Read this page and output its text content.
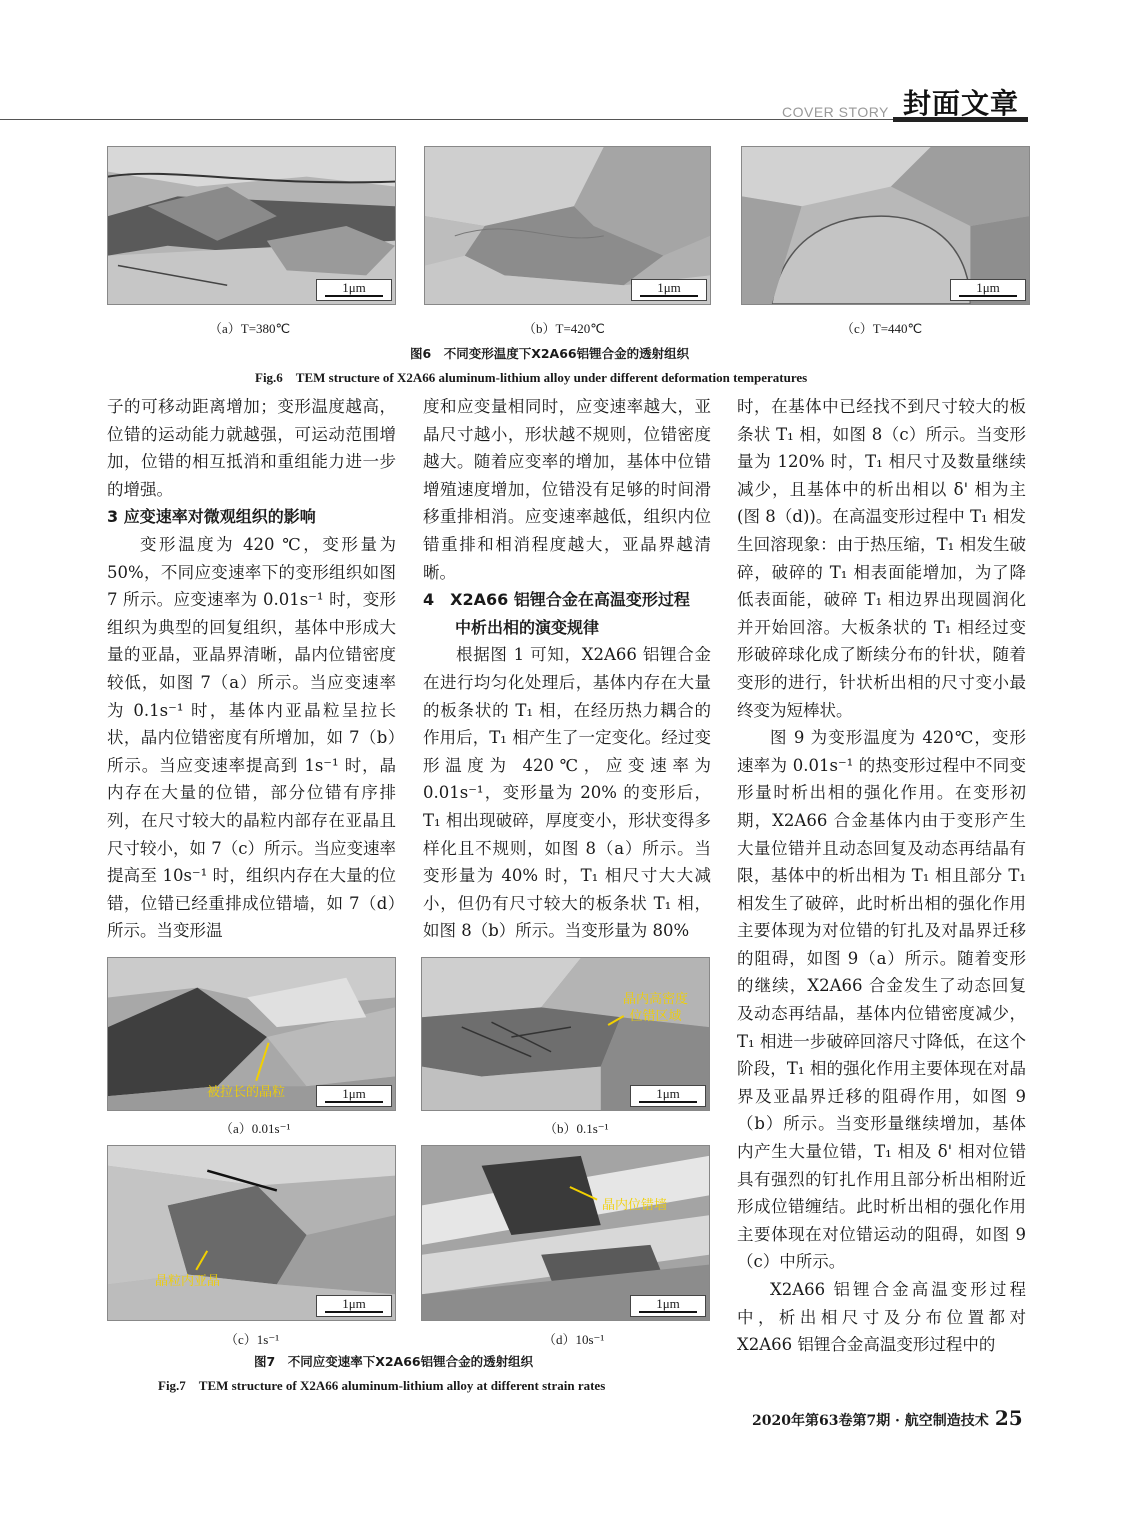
COVER STORY 封面文章
1μm	1μm	1μm
（a）T=380℃	（b）T=420℃	（c）T=440℃
图6　不同变形温度下X2A66铝锂合金的透射组织
Fig.6　TEM structure of X2A66 aluminum-lithium alloy under different deformation temperatures

子的可移动距离增加；变形温度越高，位错的运动能力就越强，可运动范围增加，位错的相互抵消和重组能力进一步的增强。

3 应变速率对微观组织的影响

变形温度为 420 ℃，变形量为 50%，不同应变速率下的变形组织如图 7 所示。应变速率为 0.01s⁻¹ 时，变形组织为典型的回复组织，基体中形成大量的亚晶，亚晶界清晰，晶内位错密度较低，如图 7（a）所示。当应变速率为 0.1s⁻¹ 时，基体内亚晶粒呈拉长状，晶内位错密度有所增加，如 7（b）所示。当应变速率提高到 1s⁻¹ 时，晶内存在大量的位错，部分位错有序排列，在尺寸较大的晶粒内部存在亚晶且尺寸较小，如 7（c）所示。当应变速率提高至 10s⁻¹ 时，组织内存在大量的位错，位错已经重排成位错墙，如 7（d）所示。当变形温

度和应变量相同时，应变速率越大，亚晶尺寸越小，形状越不规则，位错密度越大。随着应变率的增加，基体中位错增殖速度增加，位错没有足够的时间滑移重排相消。应变速率越低，组织内位错重排和相消程度越大，亚晶界越清晰。

4　X2A66 铝锂合金在高温变形过程

中析出相的演变规律

根据图 1 可知，X2A66 铝锂合金在进行均匀化处理后，基体内存在大量的板条状的 T₁ 相，在经历热力耦合的作用后，T₁ 相产生了一定变化。经过变形温度为 420℃，应变速率为 0.01s⁻¹，变形量为 20% 的变形后，T₁ 相出现破碎，厚度变小，形状变得多样化且不规则，如图 8（a）所示。当变形量为 40% 时，T₁ 相尺寸大大减小，但仍有尺寸较大的板条状 T₁ 相，如图 8（b）所示。当变形量为 80%

时，在基体中已经找不到尺寸较大的板条状 T₁ 相，如图 8（c）所示。当变形量为 120% 时，T₁ 相尺寸及数量继续减少，且基体中的析出相以 δ' 相为主(图 8（d))。在高温变形过程中 T₁ 相发生回溶现象：由于热压缩，T₁ 相发生破碎，破碎的 T₁ 相表面能增加，为了降低表面能，破碎 T₁ 相边界出现圆润化并开始回溶。大板条状的 T₁ 相经过变形破碎球化成了断续分布的针状，随着变形的进行，针状析出相的尺寸变小最终变为短棒状。

图 9 为变形温度为 420℃，变形速率为 0.01s⁻¹ 的热变形过程中不同变形量时析出相的强化作用。在变形初期，X2A66 合金基体内由于变形产生大量位错并且动态回复及动态再结晶有限，基体中的析出相为 T₁ 相且部分 T₁ 相发生了破碎，此时析出相的强化作用主要体现为对位错的钉扎及对晶界迁移的阻碍，如图 9（a）所示。随着变形的继续，X2A66 合金发生了动态回复及动态再结晶，基体内位错密度减少，T₁ 相进一步破碎回溶尺寸降低，在这个阶段，T₁ 相的强化作用主要体现在对晶界及亚晶界迁移的阻碍作用，如图 9（b）所示。当变形量继续增加，基体内产生大量位错，T₁ 相及 δ' 相对位错具有强烈的钉扎作用且部分析出相附近形成位错缠结。此时析出相的强化作用主要体现在对位错运动的阻碍，如图 9（c）中所示。

X2A66 铝锂合金高温变形过程中，析出相尺寸及分布位置都对 X2A66 铝锂合金高温变形过程中的

被拉长的晶粒	1μm
晶内高密度
位错区域
1μm
晶粒内亚晶
1μm
晶内位错墙
1μm
（a）0.01s⁻¹	（b）0.1s⁻¹
（c）1s⁻¹	（d）10s⁻¹
图7　不同应变速率下X2A66铝锂合金的透射组织
Fig.7　TEM structure of X2A66 aluminum-lithium alloy at different strain rates
2020年第63卷第7期 · 航空制造技术 25
